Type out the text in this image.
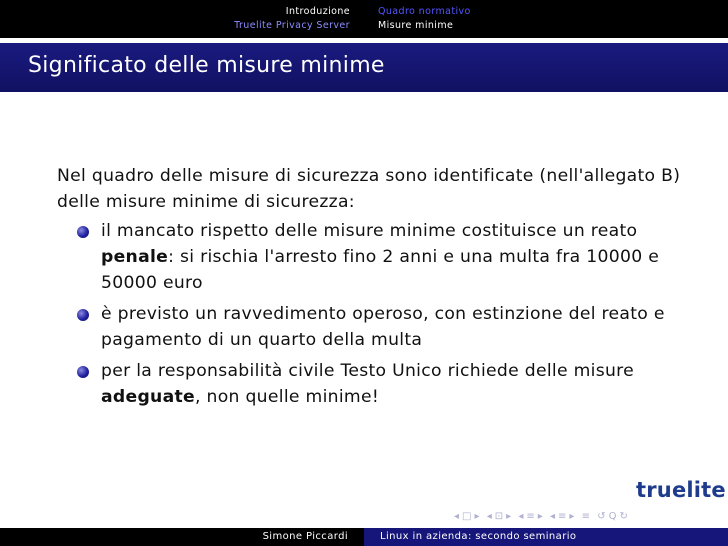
Introduzione
Truelite Privacy Server
Quadro normativo
Misure minime
Significato delle misure minime

Nel quadro delle misure di sicurezza sono identificate (nell'allegato B) delle misure minime di sicurezza:

il mancato rispetto delle misure minime costituisce un reato penale: si rischia l'arresto fino 2 anni e una multa fra 10000 e 50000 euro
è previsto un ravvedimento operoso, con estinzione del reato e pagamento di un quarto della multa
per la responsabilità civile Testo Unico richiede delle misure adeguate, non quelle minime!
truelite
◂ □ ▸ ◂ ⊡ ▸ ◂ ≡ ▸ ◂ ≡ ▸ ≡ ↺ Q ↻
Simone Piccardi	Linux in azienda: secondo seminario
